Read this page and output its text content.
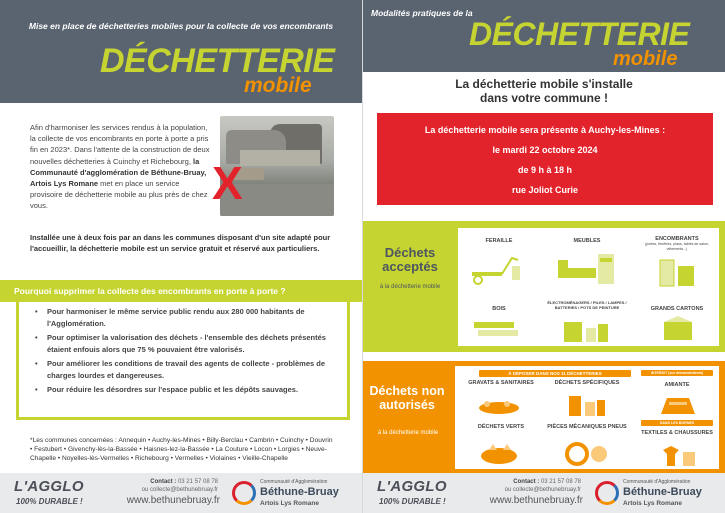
Mise en place de déchetteries mobiles pour la collecte de vos encombrants
DÉCHETTERIE
mobile
Afin d'harmoniser les services rendus à la population, la collecte de vos encombrants en porte à porte a pris fin en 2023*. Dans l'attente de la construction de deux nouvelles déchetteries à Cuinchy et Richebourg, la Communauté d'agglomération de Béthune-Bruay, Artois Lys Romane met en place un service provisoire de déchetterie mobile au plus près de chez vous.	X
Installée une à deux fois par an dans les communes disposant d'un site adapté pour l'accueillir, la déchetterie mobile est un service gratuit et réservé aux particuliers.
Pourquoi supprimer la collecte des encombrants en porte à porte ?
• Pour harmoniser le même service public rendu aux 280 000 habitants de l'Agglomération.
• Pour optimiser la valorisation des déchets - l'ensemble des déchets présentés étaient enfouis alors que 75 % pouvaient être valorisés.
• Pour améliorer les conditions de travail des agents de collecte - problèmes de charges lourdes et dangereuses.
• Pour réduire les désordres sur l'espace public et les dépôts sauvages.
*Les communes concernées : Annequin • Auchy-les-Mines • Billy-Berclau • Cambrin • Cuinchy • Douvrin • Festubert • Givenchy-lès-la-Bassée • Haisnes-lez-la-Bassée • La Couture • Locon • Lorgies • Neuve-Chapelle • Noyelles-lès-Vermelles • Richebourg • Vermelles • Violaines • Vieille-Chapelle
L'AGGLO
100% DURABLE !
Contact : 03 21 57 08 78
ou collecte@bethunebruay.fr
www.bethunebruay.fr
Communauté d'Agglomération
Béthune-Bruay
Artois Lys Romane
Modalités pratiques de la
DÉCHETTERIE
mobile
La déchetterie mobile s'installe
dans votre commune !
La déchetterie mobile sera présente à Auchy-les-Mines :
le mardi 22 octobre 2024
de 9 h à 18 h
rue Joliot Curie
Déchets
acceptés
à la déchetterie mobile
FERAILLE	MEUBLES	ENCOMBRANTS
(portes, fenêtres, plans, tables de salon, vêtements...)
BOIS
ÉLECTROMÉNAGERS / PILES / LAMPES / BATTERIES / POTS DE PEINTURE	GRANDS CARTONS
Déchets non
autorisés
à la déchetterie mobile
À DÉPOSER DANS NOS 11 DÉCHETTERIES
GRAVATS & SANITAIRES	DÉCHETS SPÉCIFIQUES
INTERDIT (sur demande/devis)
AMIANTE
DÉCHETS VERTS	PIÈCES MÉCANIQUES PNEUS
DANS LES BORNES
TEXTILES & CHAUSSURES
L'AGGLO
100% DURABLE !
Contact : 03 21 57 08 78
ou collecte@bethunebruay.fr
www.bethunebruay.fr
Communauté d'Agglomération
Béthune-Bruay
Artois Lys Romane
